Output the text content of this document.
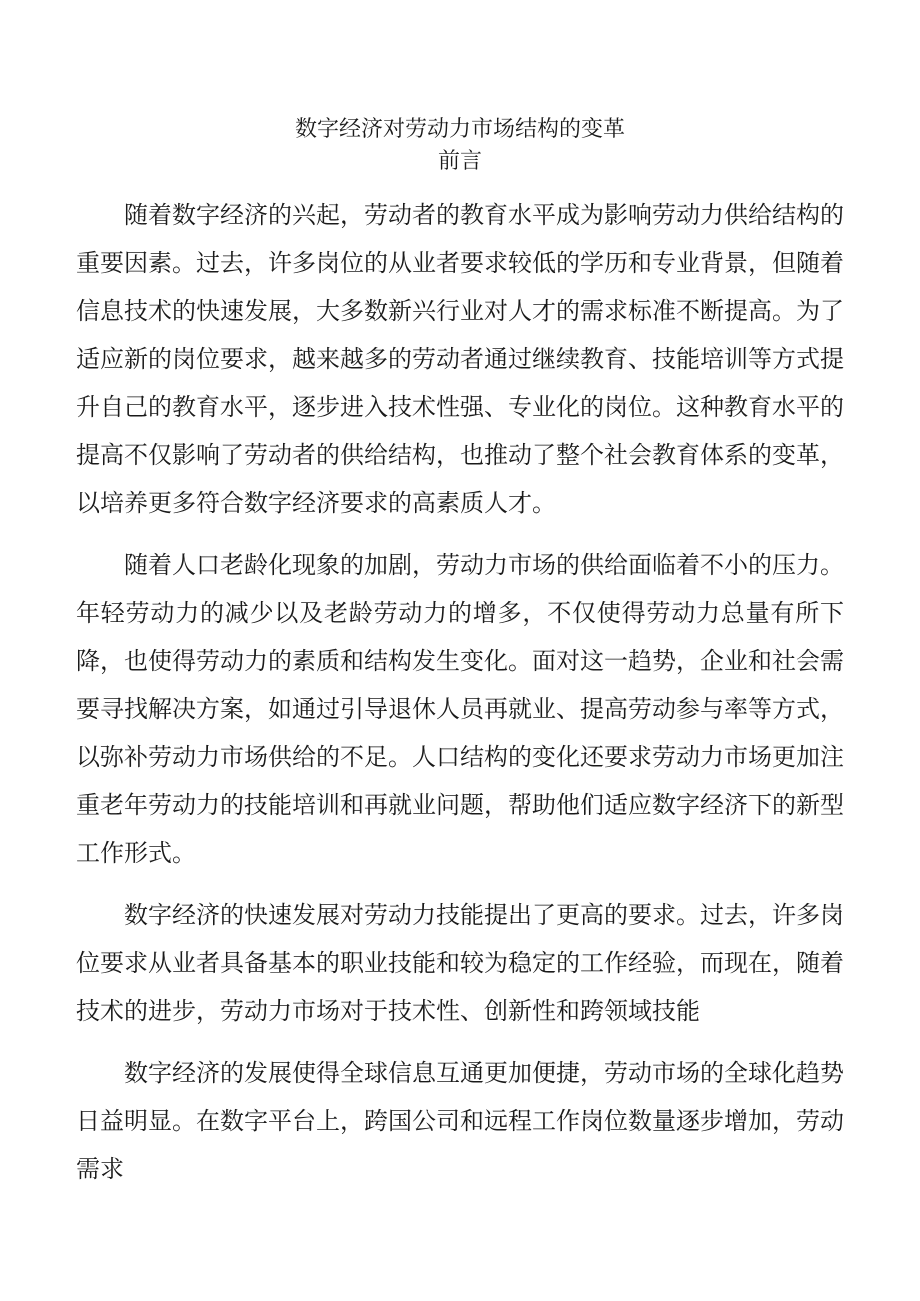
数字经济对劳动力市场结构的变革
前言

随着数字经济的兴起，劳动者的教育水平成为影响劳动力供给结构的重要因素。过去，许多岗位的从业者要求较低的学历和专业背景，但随着信息技术的快速发展，大多数新兴行业对人才的需求标准不断提高。为了适应新的岗位要求，越来越多的劳动者通过继续教育、技能培训等方式提升自己的教育水平，逐步进入技术性强、专业化的岗位。这种教育水平的提高不仅影响了劳动者的供给结构，也推动了整个社会教育体系的变革，以培养更多符合数字经济要求的高素质人才。

随着人口老龄化现象的加剧，劳动力市场的供给面临着不小的压力。年轻劳动力的减少以及老龄劳动力的增多，不仅使得劳动力总量有所下降，也使得劳动力的素质和结构发生变化。面对这一趋势，企业和社会需要寻找解决方案，如通过引导退休人员再就业、提高劳动参与率等方式，以弥补劳动力市场供给的不足。人口结构的变化还要求劳动力市场更加注重老年劳动力的技能培训和再就业问题，帮助他们适应数字经济下的新型工作形式。

数字经济的快速发展对劳动力技能提出了更高的要求。过去，许多岗位要求从业者具备基本的职业技能和较为稳定的工作经验，而现在，随着技术的进步，劳动力市场对于技术性、创新性和跨领域技能

数字经济的发展使得全球信息互通更加便捷，劳动市场的全球化趋势日益明显。在数字平台上，跨国公司和远程工作岗位数量逐步增加，劳动需求
